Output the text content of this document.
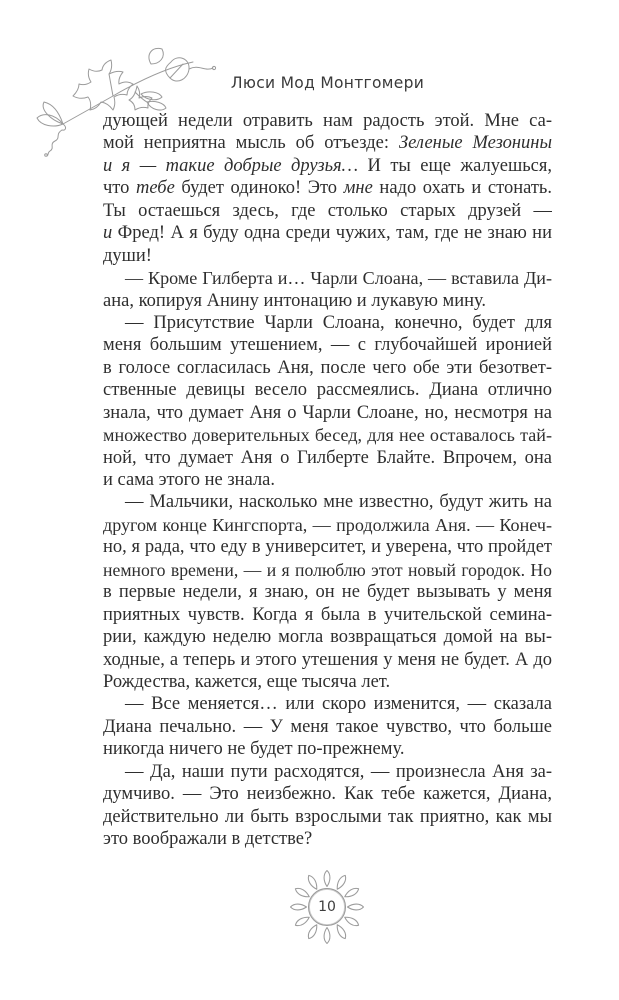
Люси Мод Монтгомери
дующей недели отравить нам радость этой. Мне са-
мой неприятна мысль об отъезде: Зеленые Мезонины
и я — такие добрые друзья… И ты еще жалуешься,
что тебе будет одиноко! Это мне надо охать и стонать.
Ты остаешься здесь, где столько старых друзей —
и Фред! А я буду одна среди чужих, там, где не знаю ни
души!
— Кроме Гилберта и… Чарли Слоана, — вставила Ди-
ана, копируя Анину интонацию и лукавую мину.
— Присутствие Чарли Слоана, конечно, будет для
меня большим утешением, — с глубочайшей иронией
в голосе согласилась Аня, после чего обе эти безответ-
ственные девицы весело рассмеялись. Диана отлично
знала, что думает Аня о Чарли Слоане, но, несмотря на
множество доверительных бесед, для нее оставалось тай-
ной, что думает Аня о Гилберте Блайте. Впрочем, она
и сама этого не знала.
— Мальчики, насколько мне известно, будут жить на
другом конце Кингспорта, — продолжила Аня. — Конеч-
но, я рада, что еду в университет, и уверена, что пройдет
немного времени, — и я полюблю этот новый городок. Но
в первые недели, я знаю, он не будет вызывать у меня
приятных чувств. Когда я была в учительской семина-
рии, каждую неделю могла возвращаться домой на вы-
ходные, а теперь и этого утешения у меня не будет. А до
Рождества, кажется, еще тысяча лет.
— Все меняется… или скоро изменится, — сказала
Диана печально. — У меня такое чувство, что больше
никогда ничего не будет по-прежнему.
— Да, наши пути расходятся, — произнесла Аня за-
думчиво. — Это неизбежно. Как тебе кажется, Диана,
действительно ли быть взрослыми так приятно, как мы
это воображали в детстве?
10
